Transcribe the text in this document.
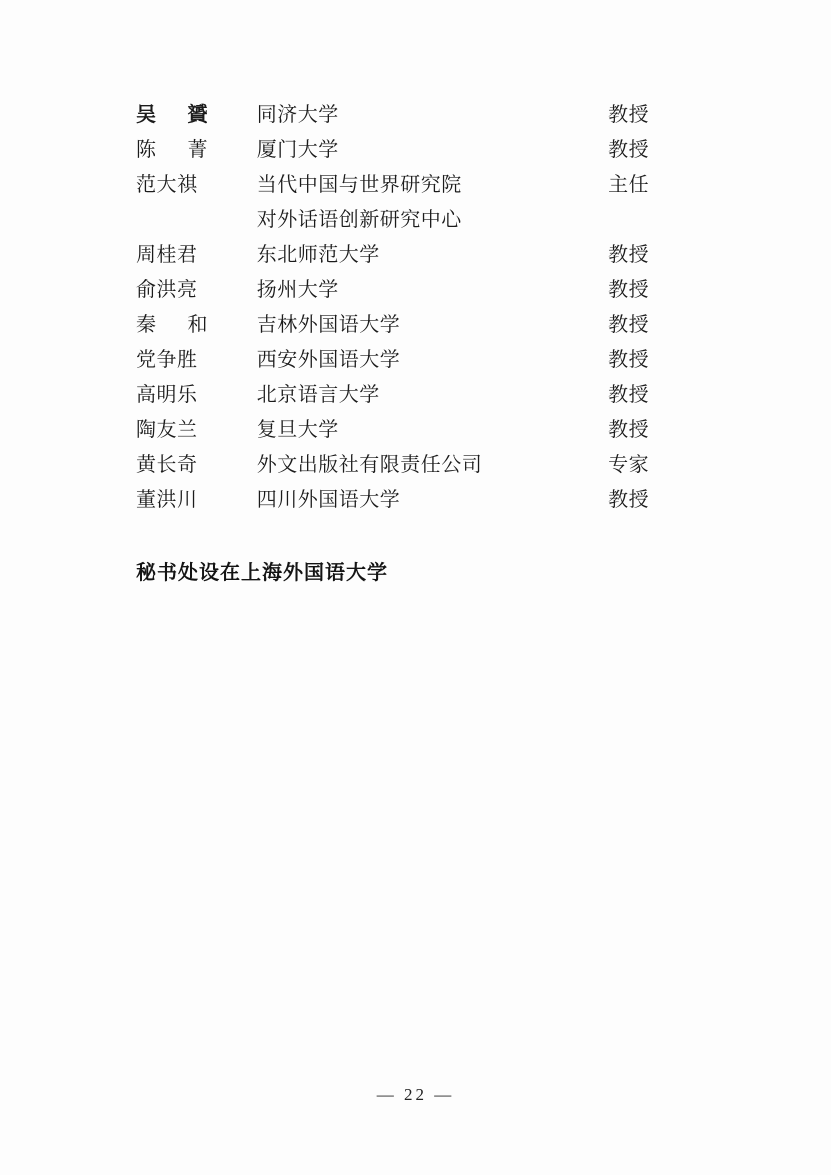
吴 贇	同济大学	教授
陈 菁	厦门大学	教授
范大祺	当代中国与世界研究院	主任
	对外话语创新研究中心	
周桂君	东北师范大学	教授
俞洪亮	扬州大学	教授
秦 和	吉林外国语大学	教授
党争胜	西安外国语大学	教授
高明乐	北京语言大学	教授
陶友兰	复旦大学	教授
黄长奇	外文出版社有限责任公司	专家
董洪川	四川外国语大学	教授
秘书处设在上海外国语大学
— 22 —
